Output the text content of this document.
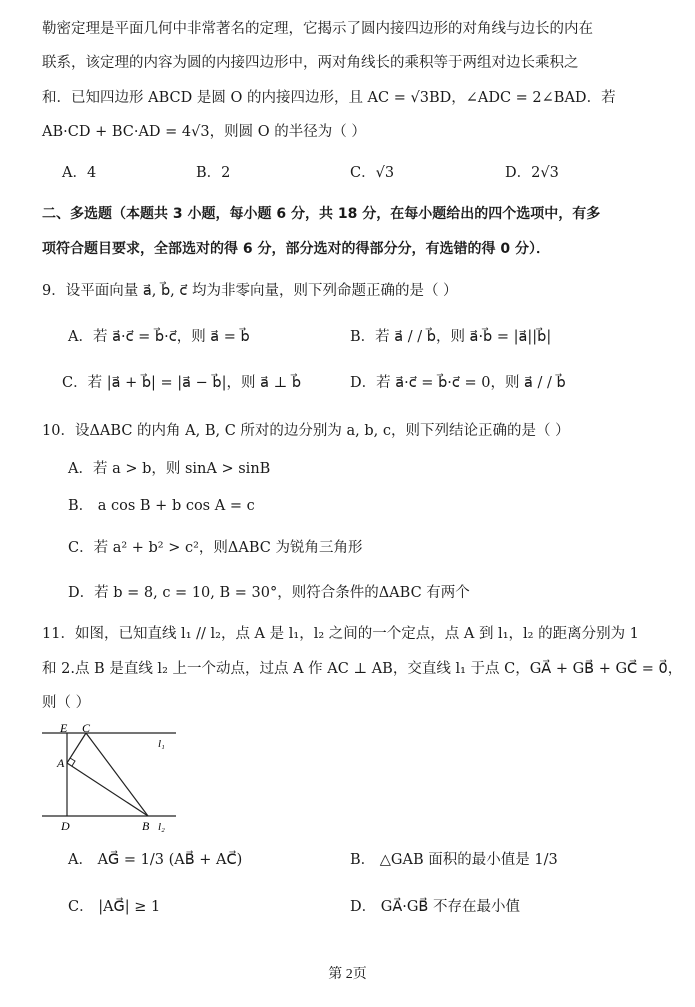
勒密定理是平面几何中非常著名的定理，它揭示了圆内接四边形的对角线与边长的内在
联系，该定理的内容为圆的内接四边形中，两对角线长的乘积等于两组对边长乘积之
和．已知四边形 ABCD 是圆 O 的内接四边形，且 AC = √3BD，∠ADC = 2∠BAD．若
AB·CD + BC·AD = 4√3，则圆 O 的半径为（ ）
A．4	B．2	C．√3	D．2√3
二、多选题（本题共 3 小题，每小题 6 分，共 18 分，在每小题给出的四个选项中，有多
项符合题目要求，全部选对的得 6 分，部分选对的得部分分，有选错的得 0 分）．
9．设平面向量 a⃗, b⃗, c⃗ 均为非零向量，则下列命题正确的是（ ）
A．若 a⃗·c⃗ = b⃗·c⃗，则 a⃗ = b⃗	B．若 a⃗ / / b⃗，则 a⃗·b⃗ = |a⃗||b⃗|
C．若 |a⃗ + b⃗| = |a⃗ − b⃗|，则 a⃗ ⊥ b⃗	D．若 a⃗·c⃗ = b⃗·c⃗ = 0，则 a⃗ / / b⃗
10．设ΔABC 的内角 A, B, C 所对的边分别为 a, b, c，则下列结论正确的是（ ）
A．若 a > b，则 sinA > sinB
B． a cos B + b cos A = c
C．若 a² + b² > c²，则ΔABC 为锐角三角形
D．若 b = 8, c = 10, B = 30°，则符合条件的ΔABC 有两个
11．如图，已知直线 l₁ // l₂，点 A 是 l₁，l₂ 之间的一个定点，点 A 到 l₁，l₂ 的距离分别为 1
和 2.点 B 是直线 l₂ 上一个动点，过点 A 作 AC ⊥ AB，交直线 l₁ 于点 C，GA⃗ + GB⃗ + GC⃗ = 0⃗，
则（ ）
E C
A
D	B
l₁
l₂
A． AG⃗ = 1/3 (AB⃗ + AC⃗)	B． △GAB 面积的最小值是 1/3
C． |AG⃗| ≥ 1	D． GA⃗·GB⃗ 不存在最小值
第 2页
